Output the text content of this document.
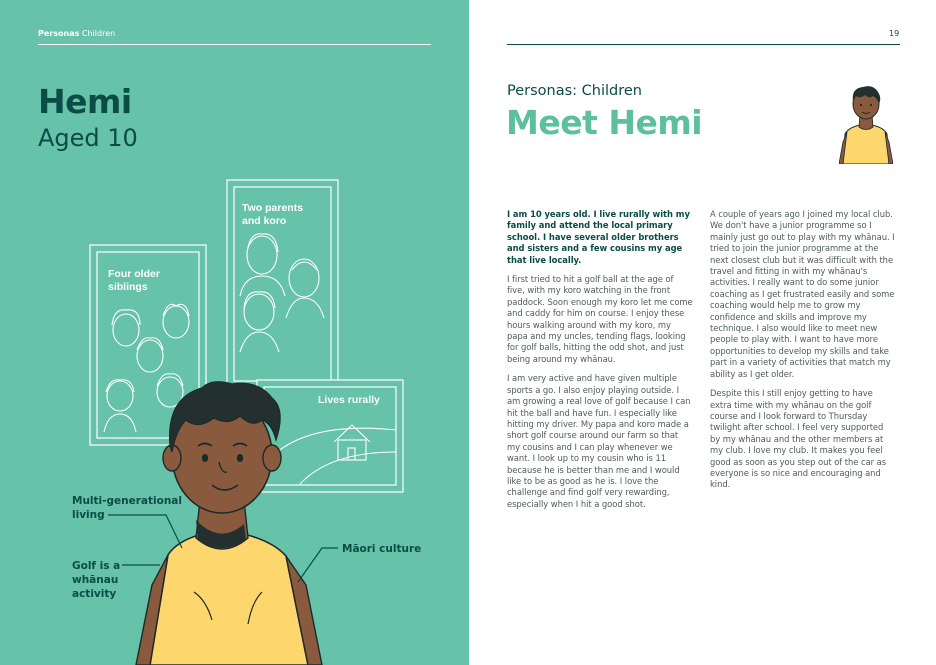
Personas Children
Hemi
Aged 10
Two parents and koro
Four older siblings
Lives rurally
Multi-generational living
Golf is a whānau activity
Māori culture
19
Personas: Children
Meet Hemi

I am 10 years old. I live rurally with my family and attend the local primary school. I have several older brothers and sisters and a few cousins my age that live locally.

I first tried to hit a golf ball at the age of five, with my koro watching in the front paddock. Soon enough my koro let me come and caddy for him on course. I enjoy these hours walking around with my koro, my papa and my uncles, tending flags, looking for golf balls, hitting the odd shot, and just being around my whānau.

I am very active and have given multiple sports a go. I also enjoy playing outside. I am growing a real love of golf because I can hit the ball and have fun. I especially like hitting my driver. My papa and koro made a short golf course around our farm so that my cousins and I can play whenever we want. I look up to my cousin who is 11 because he is better than me and I would like to be as good as he is. I love the challenge and find golf very rewarding, especially when I hit a good shot.

A couple of years ago I joined my local club. We don't have a junior programme so I mainly just go out to play with my whānau. I tried to join the junior programme at the next closest club but it was difficult with the travel and fitting in with my whānau's activities. I really want to do some junior coaching as I get frustrated easily and some coaching would help me to grow my confidence and skills and improve my technique. I also would like to meet new people to play with. I want to have more opportunities to develop my skills and take part in a variety of activities that match my ability as I get older.

Despite this I still enjoy getting to have extra time with my whānau on the golf course and I look forward to Thursday twilight after school. I feel very supported by my whānau and the other members at my club. I love my club. It makes you feel good as soon as you step out of the car as everyone is so nice and encouraging and kind.
